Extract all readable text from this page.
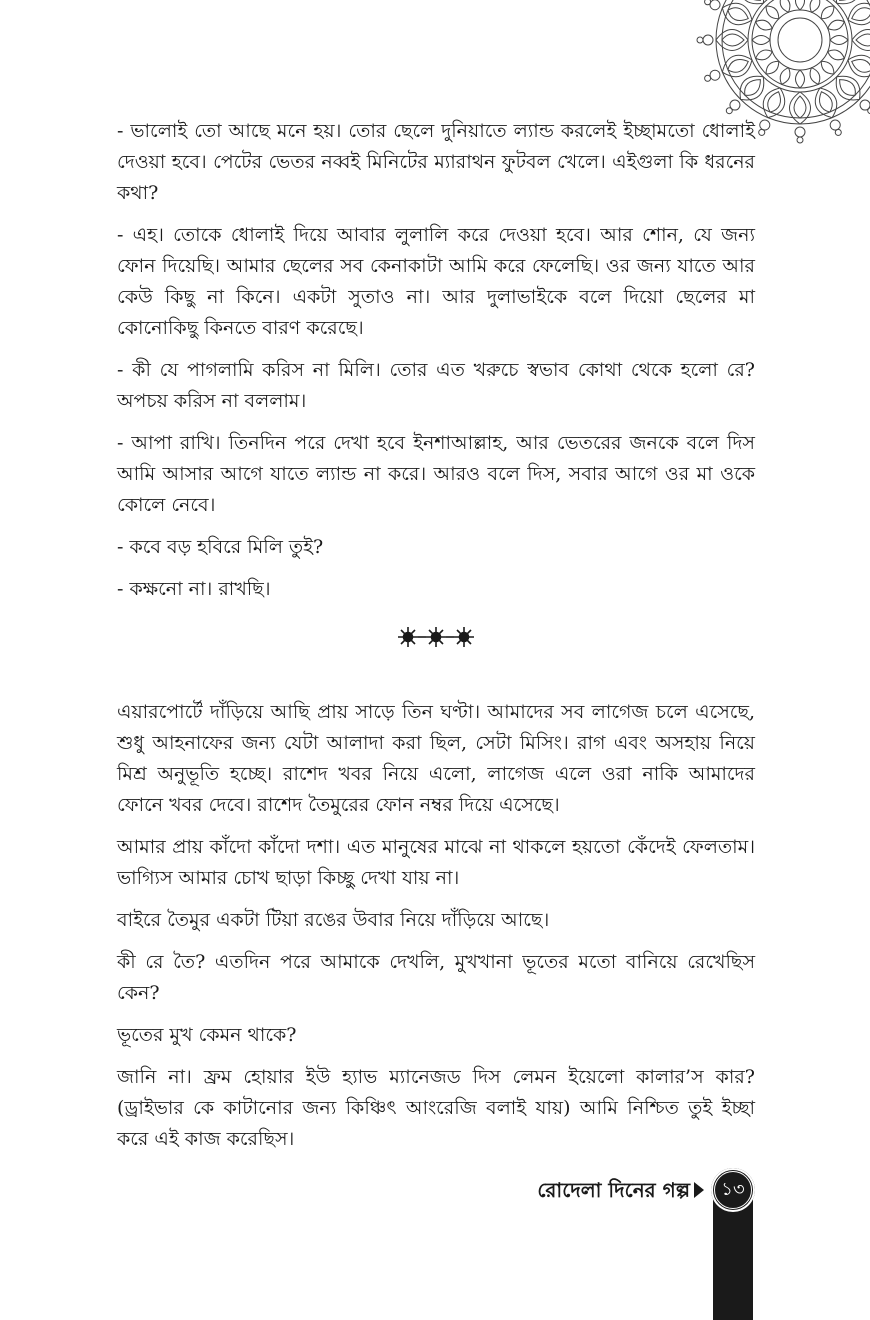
- ভালোই তো আছে মনে হয়। তোর ছেলে দুনিয়াতে ল্যান্ড করলেই ইচ্ছামতো ধোলাই দেওয়া হবে। পেটের ভেতর নব্বই মিনিটের ম্যারাথন ফুটবল খেলে। এইগুলা কি ধরনের কথা?

- এহ। তোকে ধোলাই দিয়ে আবার লুলালি করে দেওয়া হবে। আর শোন, যে জন্য ফোন দিয়েছি। আমার ছেলের সব কেনাকাটা আমি করে ফেলেছি। ওর জন্য যাতে আর কেউ কিছু না কিনে। একটা সুতাও না। আর দুলাভাইকে বলে দিয়ো ছেলের মা কোনোকিছু কিনতে বারণ করেছে।

- কী যে পাগলামি করিস না মিলি। তোর এত খরুচে স্বভাব কোথা থেকে হলো রে? অপচয় করিস না বললাম।

- আপা রাখি। তিনদিন পরে দেখা হবে ইনশাআল্লাহ, আর ভেতরের জনকে বলে দিস আমি আসার আগে যাতে ল্যান্ড না করে। আরও বলে দিস, সবার আগে ওর মা ওকে কোলে নেবে।

- কবে বড় হবিরে মিলি তুই?

- কক্ষনো না। রাখছি।

এয়ারপোর্টে দাঁড়িয়ে আছি প্রায় সাড়ে তিন ঘণ্টা। আমাদের সব লাগেজ চলে এসেছে, শুধু আহনাফের জন্য যেটা আলাদা করা ছিল, সেটা মিসিং। রাগ এবং অসহায় নিয়ে মিশ্র অনুভূতি হচ্ছে। রাশেদ খবর নিয়ে এলো, লাগেজ এলে ওরা নাকি আমাদের ফোনে খবর দেবে। রাশেদ তৈমুরের ফোন নম্বর দিয়ে এসেছে।

আমার প্রায় কাঁদো কাঁদো দশা। এত মানুষের মাঝে না থাকলে হয়তো কেঁদেই ফেলতাম। ভাগ্যিস আমার চোখ ছাড়া কিচ্ছু দেখা যায় না।

বাইরে তৈমুর একটা টিয়া রঙের উবার নিয়ে দাঁড়িয়ে আছে।

কী রে তৈ? এতদিন পরে আমাকে দেখলি, মুখখানা ভূতের মতো বানিয়ে রেখেছিস কেন?

ভূতের মুখ কেমন থাকে?

জানি না। ফ্রম হোয়ার ইউ হ্যাভ ম্যানেজড দিস লেমন ইয়েলো কালার’স কার? (ড্রাইভার কে কাটানোর জন্য কিঞ্চিৎ আংরেজি বলাই যায়) আমি নিশ্চিত তুই ইচ্ছা করে এই কাজ করেছিস।

রোদেলা দিনের গল্প	১৩
